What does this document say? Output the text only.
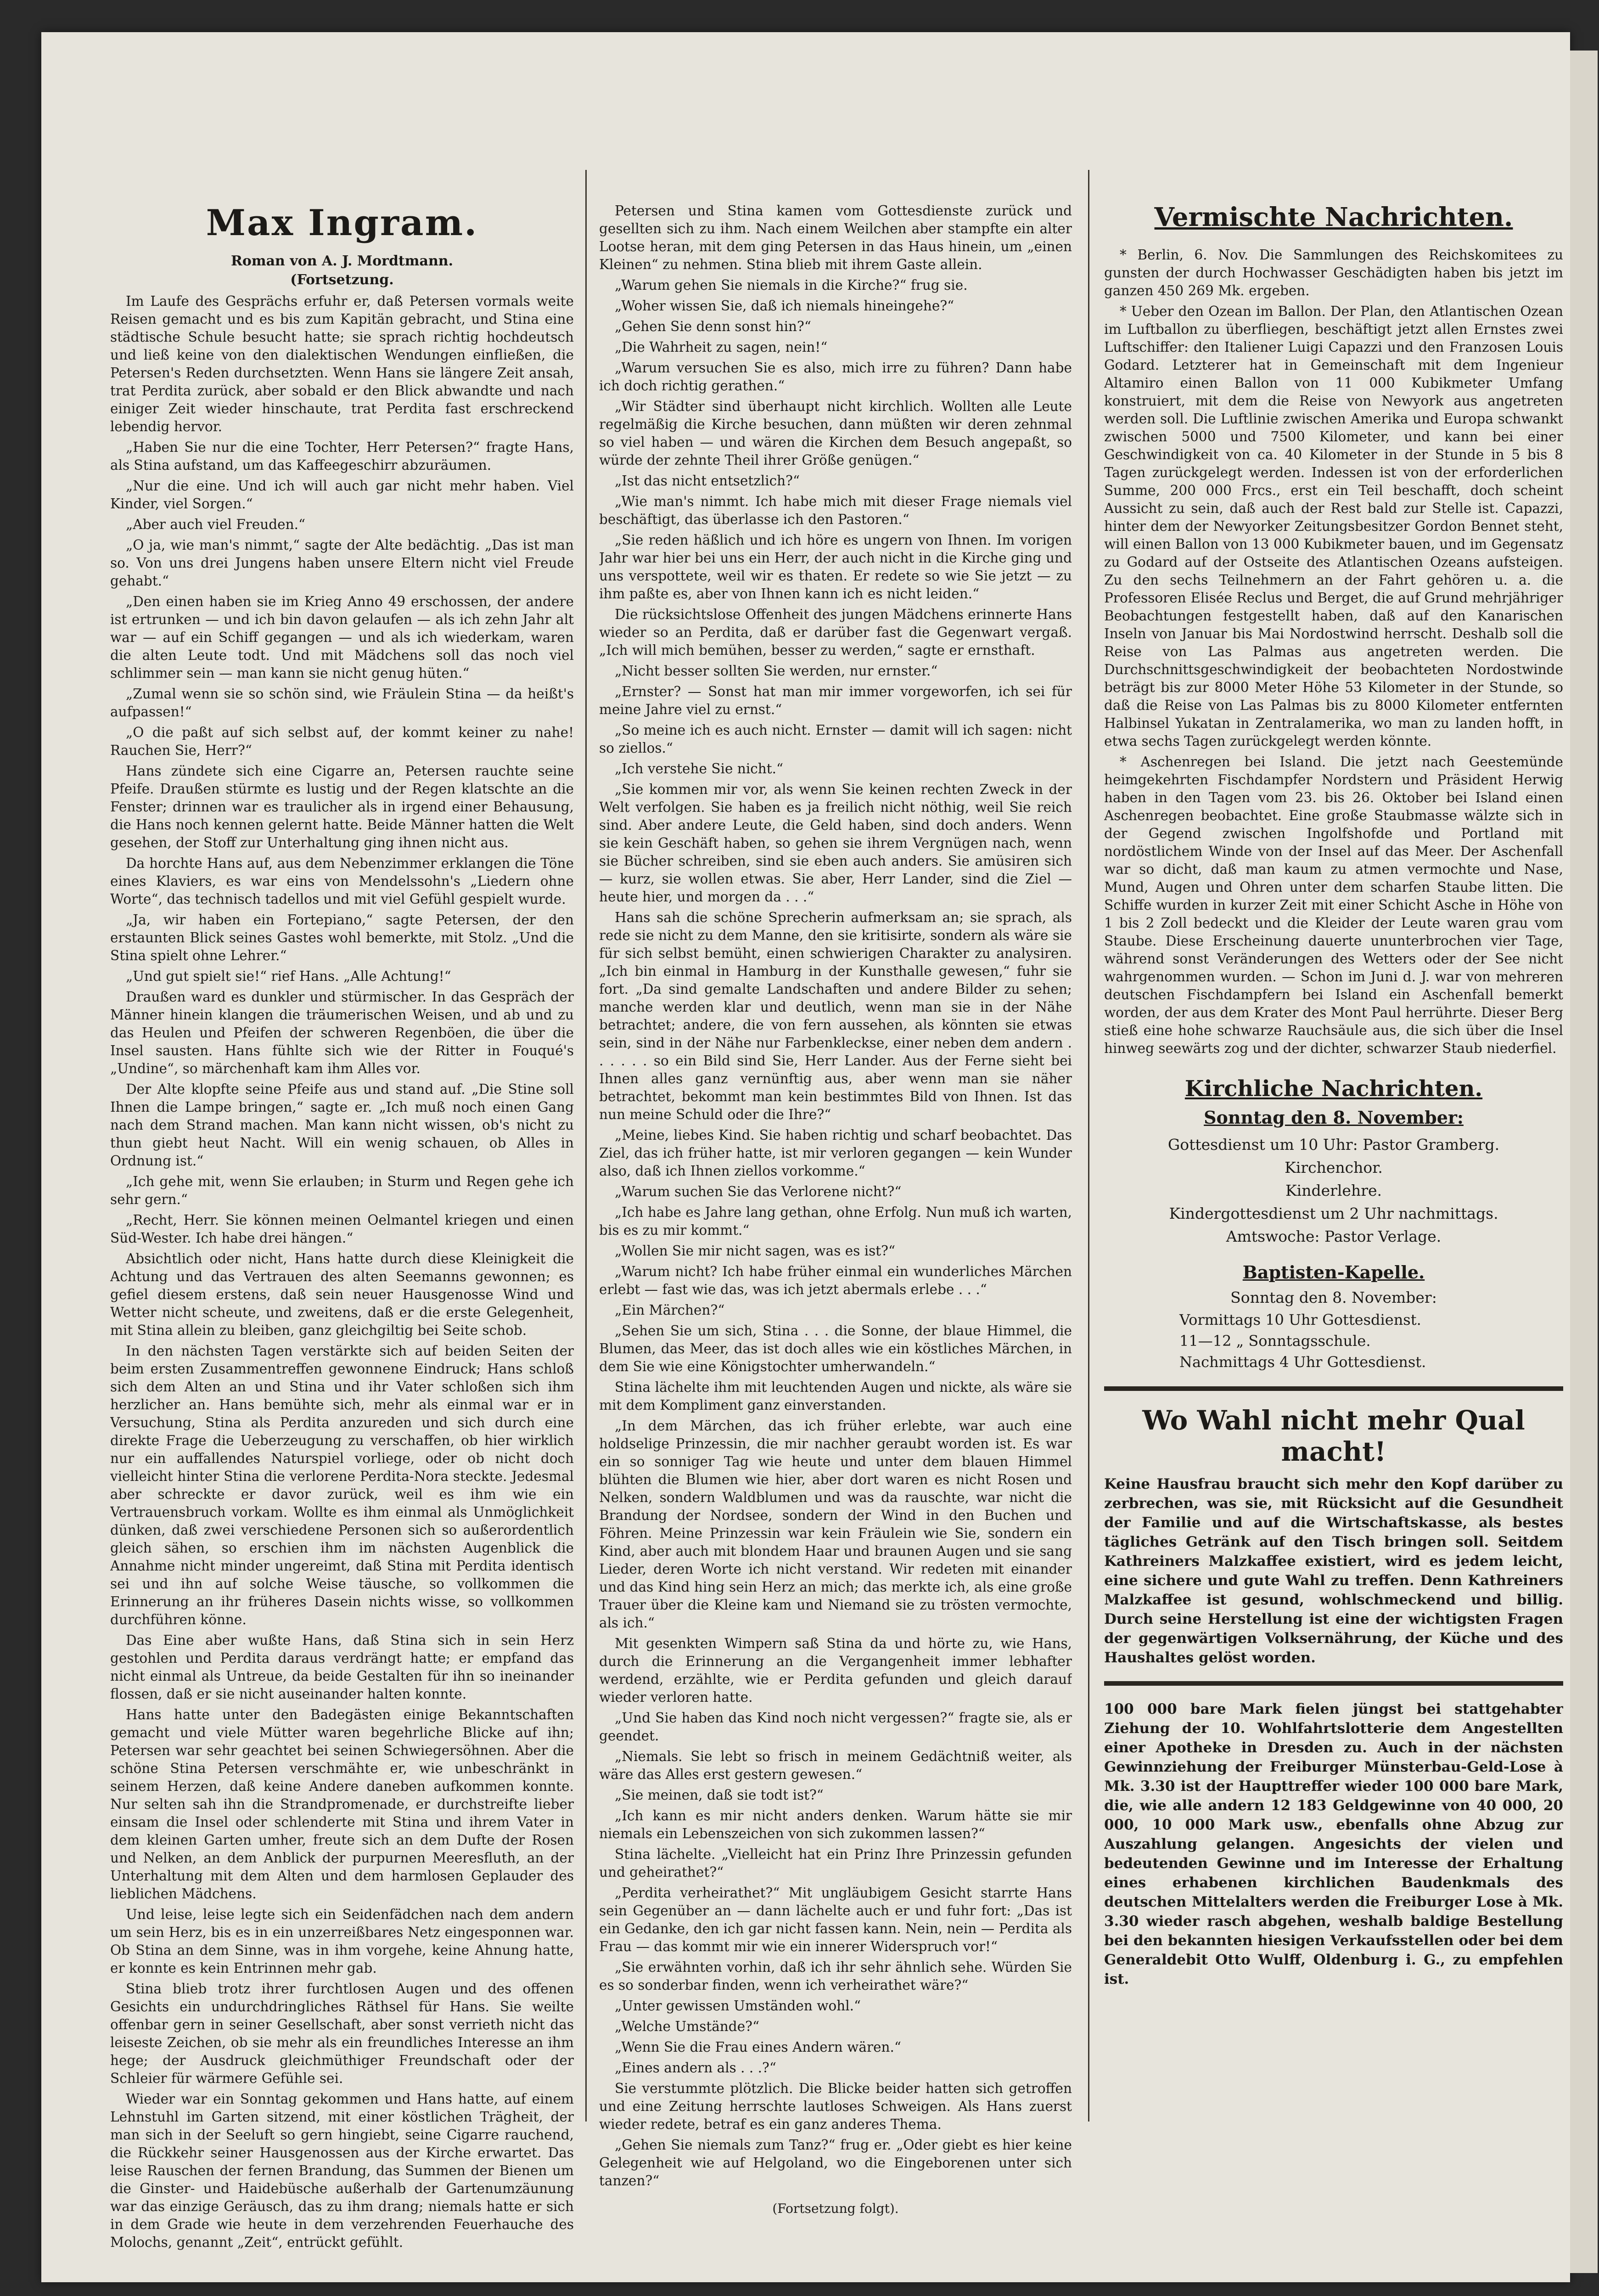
Max Ingram.
Roman von A. J. Mordtmann.
(Fortsetzung.

Im Laufe des Gesprächs erfuhr er, daß Petersen vormals weite Reisen gemacht und es bis zum Kapitän gebracht, und Stina eine städtische Schule besucht hatte; sie sprach richtig hochdeutsch und ließ keine von den dialektischen Wendungen einfließen, die Petersen's Reden durchsetzten. Wenn Hans sie längere Zeit ansah, trat Perdita zurück, aber sobald er den Blick abwandte und nach einiger Zeit wieder hinschaute, trat Perdita fast erschreckend lebendig hervor.

„Haben Sie nur die eine Tochter, Herr Petersen?“ fragte Hans, als Stina aufstand, um das Kaffeegeschirr abzuräumen.

„Nur die eine. Und ich will auch gar nicht mehr haben. Viel Kinder, viel Sorgen.“

„Aber auch viel Freuden.“

„O ja, wie man's nimmt,“ sagte der Alte bedächtig. „Das ist man so. Von uns drei Jungens haben unsere Eltern nicht viel Freude gehabt.“

„Den einen haben sie im Krieg Anno 49 erschossen, der andere ist ertrunken — und ich bin davon gelaufen — als ich zehn Jahr alt war — auf ein Schiff gegangen — und als ich wiederkam, waren die alten Leute todt. Und mit Mädchens soll das noch viel schlimmer sein — man kann sie nicht genug hüten.“

„Zumal wenn sie so schön sind, wie Fräulein Stina — da heißt's aufpassen!“

„O die paßt auf sich selbst auf, der kommt keiner zu nahe! Rauchen Sie, Herr?“

Hans zündete sich eine Cigarre an, Petersen rauchte seine Pfeife. Draußen stürmte es lustig und der Regen klatschte an die Fenster; drinnen war es traulicher als in irgend einer Behausung, die Hans noch kennen gelernt hatte. Beide Männer hatten die Welt gesehen, der Stoff zur Unterhaltung ging ihnen nicht aus.

Da horchte Hans auf, aus dem Nebenzimmer erklangen die Töne eines Klaviers, es war eins von Mendelssohn's „Liedern ohne Worte“, das technisch tadellos und mit viel Gefühl gespielt wurde.

„Ja, wir haben ein Fortepiano,“ sagte Petersen, der den erstaunten Blick seines Gastes wohl bemerkte, mit Stolz. „Und die Stina spielt ohne Lehrer.“

„Und gut spielt sie!“ rief Hans. „Alle Achtung!“

Draußen ward es dunkler und stürmischer. In das Gespräch der Männer hinein klangen die träumerischen Weisen, und ab und zu das Heulen und Pfeifen der schweren Regenböen, die über die Insel sausten. Hans fühlte sich wie der Ritter in Fouqué's „Undine“, so märchenhaft kam ihm Alles vor.

Der Alte klopfte seine Pfeife aus und stand auf. „Die Stine soll Ihnen die Lampe bringen,“ sagte er. „Ich muß noch einen Gang nach dem Strand machen. Man kann nicht wissen, ob's nicht zu thun giebt heut Nacht. Will ein wenig schauen, ob Alles in Ordnung ist.“

„Ich gehe mit, wenn Sie erlauben; in Sturm und Regen gehe ich sehr gern.“

„Recht, Herr. Sie können meinen Oelmantel kriegen und einen Süd-Wester. Ich habe drei hängen.“

Absichtlich oder nicht, Hans hatte durch diese Kleinigkeit die Achtung und das Vertrauen des alten Seemanns gewonnen; es gefiel diesem erstens, daß sein neuer Hausgenosse Wind und Wetter nicht scheute, und zweitens, daß er die erste Gelegenheit, mit Stina allein zu bleiben, ganz gleichgiltig bei Seite schob.

In den nächsten Tagen verstärkte sich auf beiden Seiten der beim ersten Zusammentreffen gewonnene Eindruck; Hans schloß sich dem Alten an und Stina und ihr Vater schloßen sich ihm herzlicher an. Hans bemühte sich, mehr als einmal war er in Versuchung, Stina als Perdita anzureden und sich durch eine direkte Frage die Ueberzeugung zu verschaffen, ob hier wirklich nur ein auffallendes Naturspiel vorliege, oder ob nicht doch vielleicht hinter Stina die verlorene Perdita-Nora steckte. Jedesmal aber schreckte er davor zurück, weil es ihm wie ein Vertrauensbruch vorkam. Wollte es ihm einmal als Unmöglichkeit dünken, daß zwei verschiedene Personen sich so außerordentlich gleich sähen, so erschien ihm im nächsten Augenblick die Annahme nicht minder ungereimt, daß Stina mit Perdita identisch sei und ihn auf solche Weise täusche, so vollkommen die Erinnerung an ihr früheres Dasein nichts wisse, so vollkommen durchführen könne.

Das Eine aber wußte Hans, daß Stina sich in sein Herz gestohlen und Perdita daraus verdrängt hatte; er empfand das nicht einmal als Untreue, da beide Gestalten für ihn so ineinander flossen, daß er sie nicht auseinander halten konnte.

Hans hatte unter den Badegästen einige Bekanntschaften gemacht und viele Mütter waren begehrliche Blicke auf ihn; Petersen war sehr geachtet bei seinen Schwiegersöhnen. Aber die schöne Stina Petersen verschmähte er, wie unbeschränkt in seinem Herzen, daß keine Andere daneben aufkommen konnte. Nur selten sah ihn die Strandpromenade, er durchstreifte lieber einsam die Insel oder schlenderte mit Stina und ihrem Vater in dem kleinen Garten umher, freute sich an dem Dufte der Rosen und Nelken, an dem Anblick der purpurnen Meeresfluth, an der Unterhaltung mit dem Alten und dem harmlosen Geplauder des lieblichen Mädchens.

Und leise, leise legte sich ein Seidenfädchen nach dem andern um sein Herz, bis es in ein unzerreißbares Netz eingesponnen war. Ob Stina an dem Sinne, was in ihm vorgehe, keine Ahnung hatte, er konnte es kein Entrinnen mehr gab.

Stina blieb trotz ihrer furchtlosen Augen und des offenen Gesichts ein undurchdringliches Räthsel für Hans. Sie weilte offenbar gern in seiner Gesellschaft, aber sonst verrieth nicht das leiseste Zeichen, ob sie mehr als ein freundliches Interesse an ihm hege; der Ausdruck gleichmüthiger Freundschaft oder der Schleier für wärmere Gefühle sei.

Wieder war ein Sonntag gekommen und Hans hatte, auf einem Lehnstuhl im Garten sitzend, mit einer köstlichen Trägheit, der man sich in der Seeluft so gern hingiebt, seine Cigarre rauchend, die Rückkehr seiner Hausgenossen aus der Kirche erwartet. Das leise Rauschen der fernen Brandung, das Summen der Bienen um die Ginster- und Haidebüsche außerhalb der Gartenumzäunung war das einzige Geräusch, das zu ihm drang; niemals hatte er sich in dem Grade wie heute in dem verzehrenden Feuerhauche des Molochs, genannt „Zeit“, entrückt gefühlt.

Petersen und Stina kamen vom Gottesdienste zurück und gesellten sich zu ihm. Nach einem Weilchen aber stampfte ein alter Lootse heran, mit dem ging Petersen in das Haus hinein, um „einen Kleinen“ zu nehmen. Stina blieb mit ihrem Gaste allein.

„Warum gehen Sie niemals in die Kirche?“ frug sie.

„Woher wissen Sie, daß ich niemals hineingehe?“

„Gehen Sie denn sonst hin?“

„Die Wahrheit zu sagen, nein!“

„Warum versuchen Sie es also, mich irre zu führen? Dann habe ich doch richtig gerathen.“

„Wir Städter sind überhaupt nicht kirchlich. Wollten alle Leute regelmäßig die Kirche besuchen, dann müßten wir deren zehnmal so viel haben — und wären die Kirchen dem Besuch angepaßt, so würde der zehnte Theil ihrer Größe genügen.“

„Ist das nicht entsetzlich?“

„Wie man's nimmt. Ich habe mich mit dieser Frage niemals viel beschäftigt, das überlasse ich den Pastoren.“

„Sie reden häßlich und ich höre es ungern von Ihnen. Im vorigen Jahr war hier bei uns ein Herr, der auch nicht in die Kirche ging und uns verspottete, weil wir es thaten. Er redete so wie Sie jetzt — zu ihm paßte es, aber von Ihnen kann ich es nicht leiden.“

Die rücksichtslose Offenheit des jungen Mädchens erinnerte Hans wieder so an Perdita, daß er darüber fast die Gegenwart vergaß. „Ich will mich bemühen, besser zu werden,“ sagte er ernsthaft.

„Nicht besser sollten Sie werden, nur ernster.“

„Ernster? — Sonst hat man mir immer vorgeworfen, ich sei für meine Jahre viel zu ernst.“

„So meine ich es auch nicht. Ernster — damit will ich sagen: nicht so ziellos.“

„Ich verstehe Sie nicht.“

„Sie kommen mir vor, als wenn Sie keinen rechten Zweck in der Welt verfolgen. Sie haben es ja freilich nicht nöthig, weil Sie reich sind. Aber andere Leute, die Geld haben, sind doch anders. Wenn sie kein Geschäft haben, so gehen sie ihrem Vergnügen nach, wenn sie Bücher schreiben, sind sie eben auch anders. Sie amüsiren sich — kurz, sie wollen etwas. Sie aber, Herr Lander, sind die Ziel — heute hier, und morgen da . . .“

Hans sah die schöne Sprecherin aufmerksam an; sie sprach, als rede sie nicht zu dem Manne, den sie kritisirte, sondern als wäre sie für sich selbst bemüht, einen schwierigen Charakter zu analysiren. „Ich bin einmal in Hamburg in der Kunsthalle gewesen,“ fuhr sie fort. „Da sind gemalte Landschaften und andere Bilder zu sehen; manche werden klar und deutlich, wenn man sie in der Nähe betrachtet; andere, die von fern aussehen, als könnten sie etwas sein, sind in der Nähe nur Farbenkleckse, einer neben dem andern . . . . . . so ein Bild sind Sie, Herr Lander. Aus der Ferne sieht bei Ihnen alles ganz vernünftig aus, aber wenn man sie näher betrachtet, bekommt man kein bestimmtes Bild von Ihnen. Ist das nun meine Schuld oder die Ihre?“

„Meine, liebes Kind. Sie haben richtig und scharf beobachtet. Das Ziel, das ich früher hatte, ist mir verloren gegangen — kein Wunder also, daß ich Ihnen ziellos vorkomme.“

„Warum suchen Sie das Verlorene nicht?“

„Ich habe es Jahre lang gethan, ohne Erfolg. Nun muß ich warten, bis es zu mir kommt.“

„Wollen Sie mir nicht sagen, was es ist?“

„Warum nicht? Ich habe früher einmal ein wunderliches Märchen erlebt — fast wie das, was ich jetzt abermals erlebe . . .“

„Ein Märchen?“

„Sehen Sie um sich, Stina . . . die Sonne, der blaue Himmel, die Blumen, das Meer, das ist doch alles wie ein köstliches Märchen, in dem Sie wie eine Königstochter umherwandeln.“

Stina lächelte ihm mit leuchtenden Augen und nickte, als wäre sie mit dem Kompliment ganz einverstanden.

„In dem Märchen, das ich früher erlebte, war auch eine holdselige Prinzessin, die mir nachher geraubt worden ist. Es war ein so sonniger Tag wie heute und unter dem blauen Himmel blühten die Blumen wie hier, aber dort waren es nicht Rosen und Nelken, sondern Waldblumen und was da rauschte, war nicht die Brandung der Nordsee, sondern der Wind in den Buchen und Föhren. Meine Prinzessin war kein Fräulein wie Sie, sondern ein Kind, aber auch mit blondem Haar und braunen Augen und sie sang Lieder, deren Worte ich nicht verstand. Wir redeten mit einander und das Kind hing sein Herz an mich; das merkte ich, als eine große Trauer über die Kleine kam und Niemand sie zu trösten vermochte, als ich.“

Mit gesenkten Wimpern saß Stina da und hörte zu, wie Hans, durch die Erinnerung an die Vergangenheit immer lebhafter werdend, erzählte, wie er Perdita gefunden und gleich darauf wieder verloren hatte.

„Und Sie haben das Kind noch nicht vergessen?“ fragte sie, als er geendet.

„Niemals. Sie lebt so frisch in meinem Gedächtniß weiter, als wäre das Alles erst gestern gewesen.“

„Sie meinen, daß sie todt ist?“

„Ich kann es mir nicht anders denken. Warum hätte sie mir niemals ein Lebenszeichen von sich zukommen lassen?“

Stina lächelte. „Vielleicht hat ein Prinz Ihre Prinzessin gefunden und geheirathet?“

„Perdita verheirathet?“ Mit ungläubigem Gesicht starrte Hans sein Gegenüber an — dann lächelte auch er und fuhr fort: „Das ist ein Gedanke, den ich gar nicht fassen kann. Nein, nein — Perdita als Frau — das kommt mir wie ein innerer Widerspruch vor!“

„Sie erwähnten vorhin, daß ich ihr sehr ähnlich sehe. Würden Sie es so sonderbar finden, wenn ich verheirathet wäre?“

„Unter gewissen Umständen wohl.“

„Welche Umstände?“

„Wenn Sie die Frau eines Andern wären.“

„Eines andern als . . .?“

Sie verstummte plötzlich. Die Blicke beider hatten sich getroffen und eine Zeitung herrschte lautloses Schweigen. Als Hans zuerst wieder redete, betraf es ein ganz anderes Thema.

„Gehen Sie niemals zum Tanz?“ frug er. „Oder giebt es hier keine Gelegenheit wie auf Helgoland, wo die Eingeborenen unter sich tanzen?“

(Fortsetzung folgt).
Vermischte Nachrichten.

* Berlin, 6. Nov. Die Sammlungen des Reichskomitees zu gunsten der durch Hochwasser Geschädigten haben bis jetzt im ganzen 450 269 Mk. ergeben.

* Ueber den Ozean im Ballon. Der Plan, den Atlantischen Ozean im Luftballon zu überfliegen, beschäftigt jetzt allen Ernstes zwei Luftschiffer: den Italiener Luigi Capazzi und den Franzosen Louis Godard. Letzterer hat in Gemeinschaft mit dem Ingenieur Altamiro einen Ballon von 11 000 Kubikmeter Umfang konstruiert, mit dem die Reise von Newyork aus angetreten werden soll. Die Luftlinie zwischen Amerika und Europa schwankt zwischen 5000 und 7500 Kilometer, und kann bei einer Geschwindigkeit von ca. 40 Kilometer in der Stunde in 5 bis 8 Tagen zurückgelegt werden. Indessen ist von der erforderlichen Summe, 200 000 Frcs., erst ein Teil beschafft, doch scheint Aussicht zu sein, daß auch der Rest bald zur Stelle ist. Capazzi, hinter dem der Newyorker Zeitungsbesitzer Gordon Bennet steht, will einen Ballon von 13 000 Kubikmeter bauen, und im Gegensatz zu Godard auf der Ostseite des Atlantischen Ozeans aufsteigen. Zu den sechs Teilnehmern an der Fahrt gehören u. a. die Professoren Elisée Reclus und Berget, die auf Grund mehrjähriger Beobachtungen festgestellt haben, daß auf den Kanarischen Inseln von Januar bis Mai Nordostwind herrscht. Deshalb soll die Reise von Las Palmas aus angetreten werden. Die Durchschnittsgeschwindigkeit der beobachteten Nordostwinde beträgt bis zur 8000 Meter Höhe 53 Kilometer in der Stunde, so daß die Reise von Las Palmas bis zu 8000 Kilometer entfernten Halbinsel Yukatan in Zentralamerika, wo man zu landen hofft, in etwa sechs Tagen zurückgelegt werden könnte.

* Aschenregen bei Island. Die jetzt nach Geestemünde heimgekehrten Fischdampfer Nordstern und Präsident Herwig haben in den Tagen vom 23. bis 26. Oktober bei Island einen Aschenregen beobachtet. Eine große Staubmasse wälzte sich in der Gegend zwischen Ingolfshofde und Portland mit nordöstlichem Winde von der Insel auf das Meer. Der Aschenfall war so dicht, daß man kaum zu atmen vermochte und Nase, Mund, Augen und Ohren unter dem scharfen Staube litten. Die Schiffe wurden in kurzer Zeit mit einer Schicht Asche in Höhe von 1 bis 2 Zoll bedeckt und die Kleider der Leute waren grau vom Staube. Diese Erscheinung dauerte ununterbrochen vier Tage, während sonst Veränderungen des Wetters oder der See nicht wahrgenommen wurden. — Schon im Juni d. J. war von mehreren deutschen Fischdampfern bei Island ein Aschenfall bemerkt worden, der aus dem Krater des Mont Paul herrührte. Dieser Berg stieß eine hohe schwarze Rauchsäule aus, die sich über die Insel hinweg seewärts zog und der dichter, schwarzer Staub niederfiel.

Kirchliche Nachrichten.
Sonntag den 8. November:
Gottesdienst um 10 Uhr: Pastor Gramberg.
Kirchenchor.
Kinderlehre.
Kindergottesdienst um 2 Uhr nachmittags.
Amtswoche: Pastor Verlage.
Baptisten-Kapelle.
Sonntag den 8. November:

Vormittags 10 Uhr Gottesdienst.

11—12 „ Sonntagsschule.

Nachmittags 4 Uhr Gottesdienst.

Wo Wahl nicht mehr Qual macht!

Keine Hausfrau braucht sich mehr den Kopf darüber zu zerbrechen, was sie, mit Rücksicht auf die Gesundheit der Familie und auf die Wirtschaftskasse, als bestes tägliches Getränk auf den Tisch bringen soll. Seitdem Kathreiners Malzkaffee existiert, wird es jedem leicht, eine sichere und gute Wahl zu treffen. Denn Kathreiners Malzkaffee ist gesund, wohlschmeckend und billig. Durch seine Herstellung ist eine der wichtigsten Fragen der gegenwärtigen Volksernährung, der Küche und des Haushaltes gelöst worden.

100 000 bare Mark fielen jüngst bei stattgehabter Ziehung der 10. Wohlfahrtslotterie dem Angestellten einer Apotheke in Dresden zu. Auch in der nächsten Gewinnziehung der Freiburger Münsterbau-Geld-Lose à Mk. 3.30 ist der Haupttreffer wieder 100 000 bare Mark, die, wie alle andern 12 183 Geldgewinne von 40 000, 20 000, 10 000 Mark usw., ebenfalls ohne Abzug zur Auszahlung gelangen. Angesichts der vielen und bedeutenden Gewinne und im Interesse der Erhaltung eines erhabenen kirchlichen Baudenkmals des deutschen Mittelalters werden die Freiburger Lose à Mk. 3.30 wieder rasch abgehen, weshalb baldige Bestellung bei den bekannten hiesigen Verkaufsstellen oder bei dem Generaldebit Otto Wulff, Oldenburg i. G., zu empfehlen ist.
